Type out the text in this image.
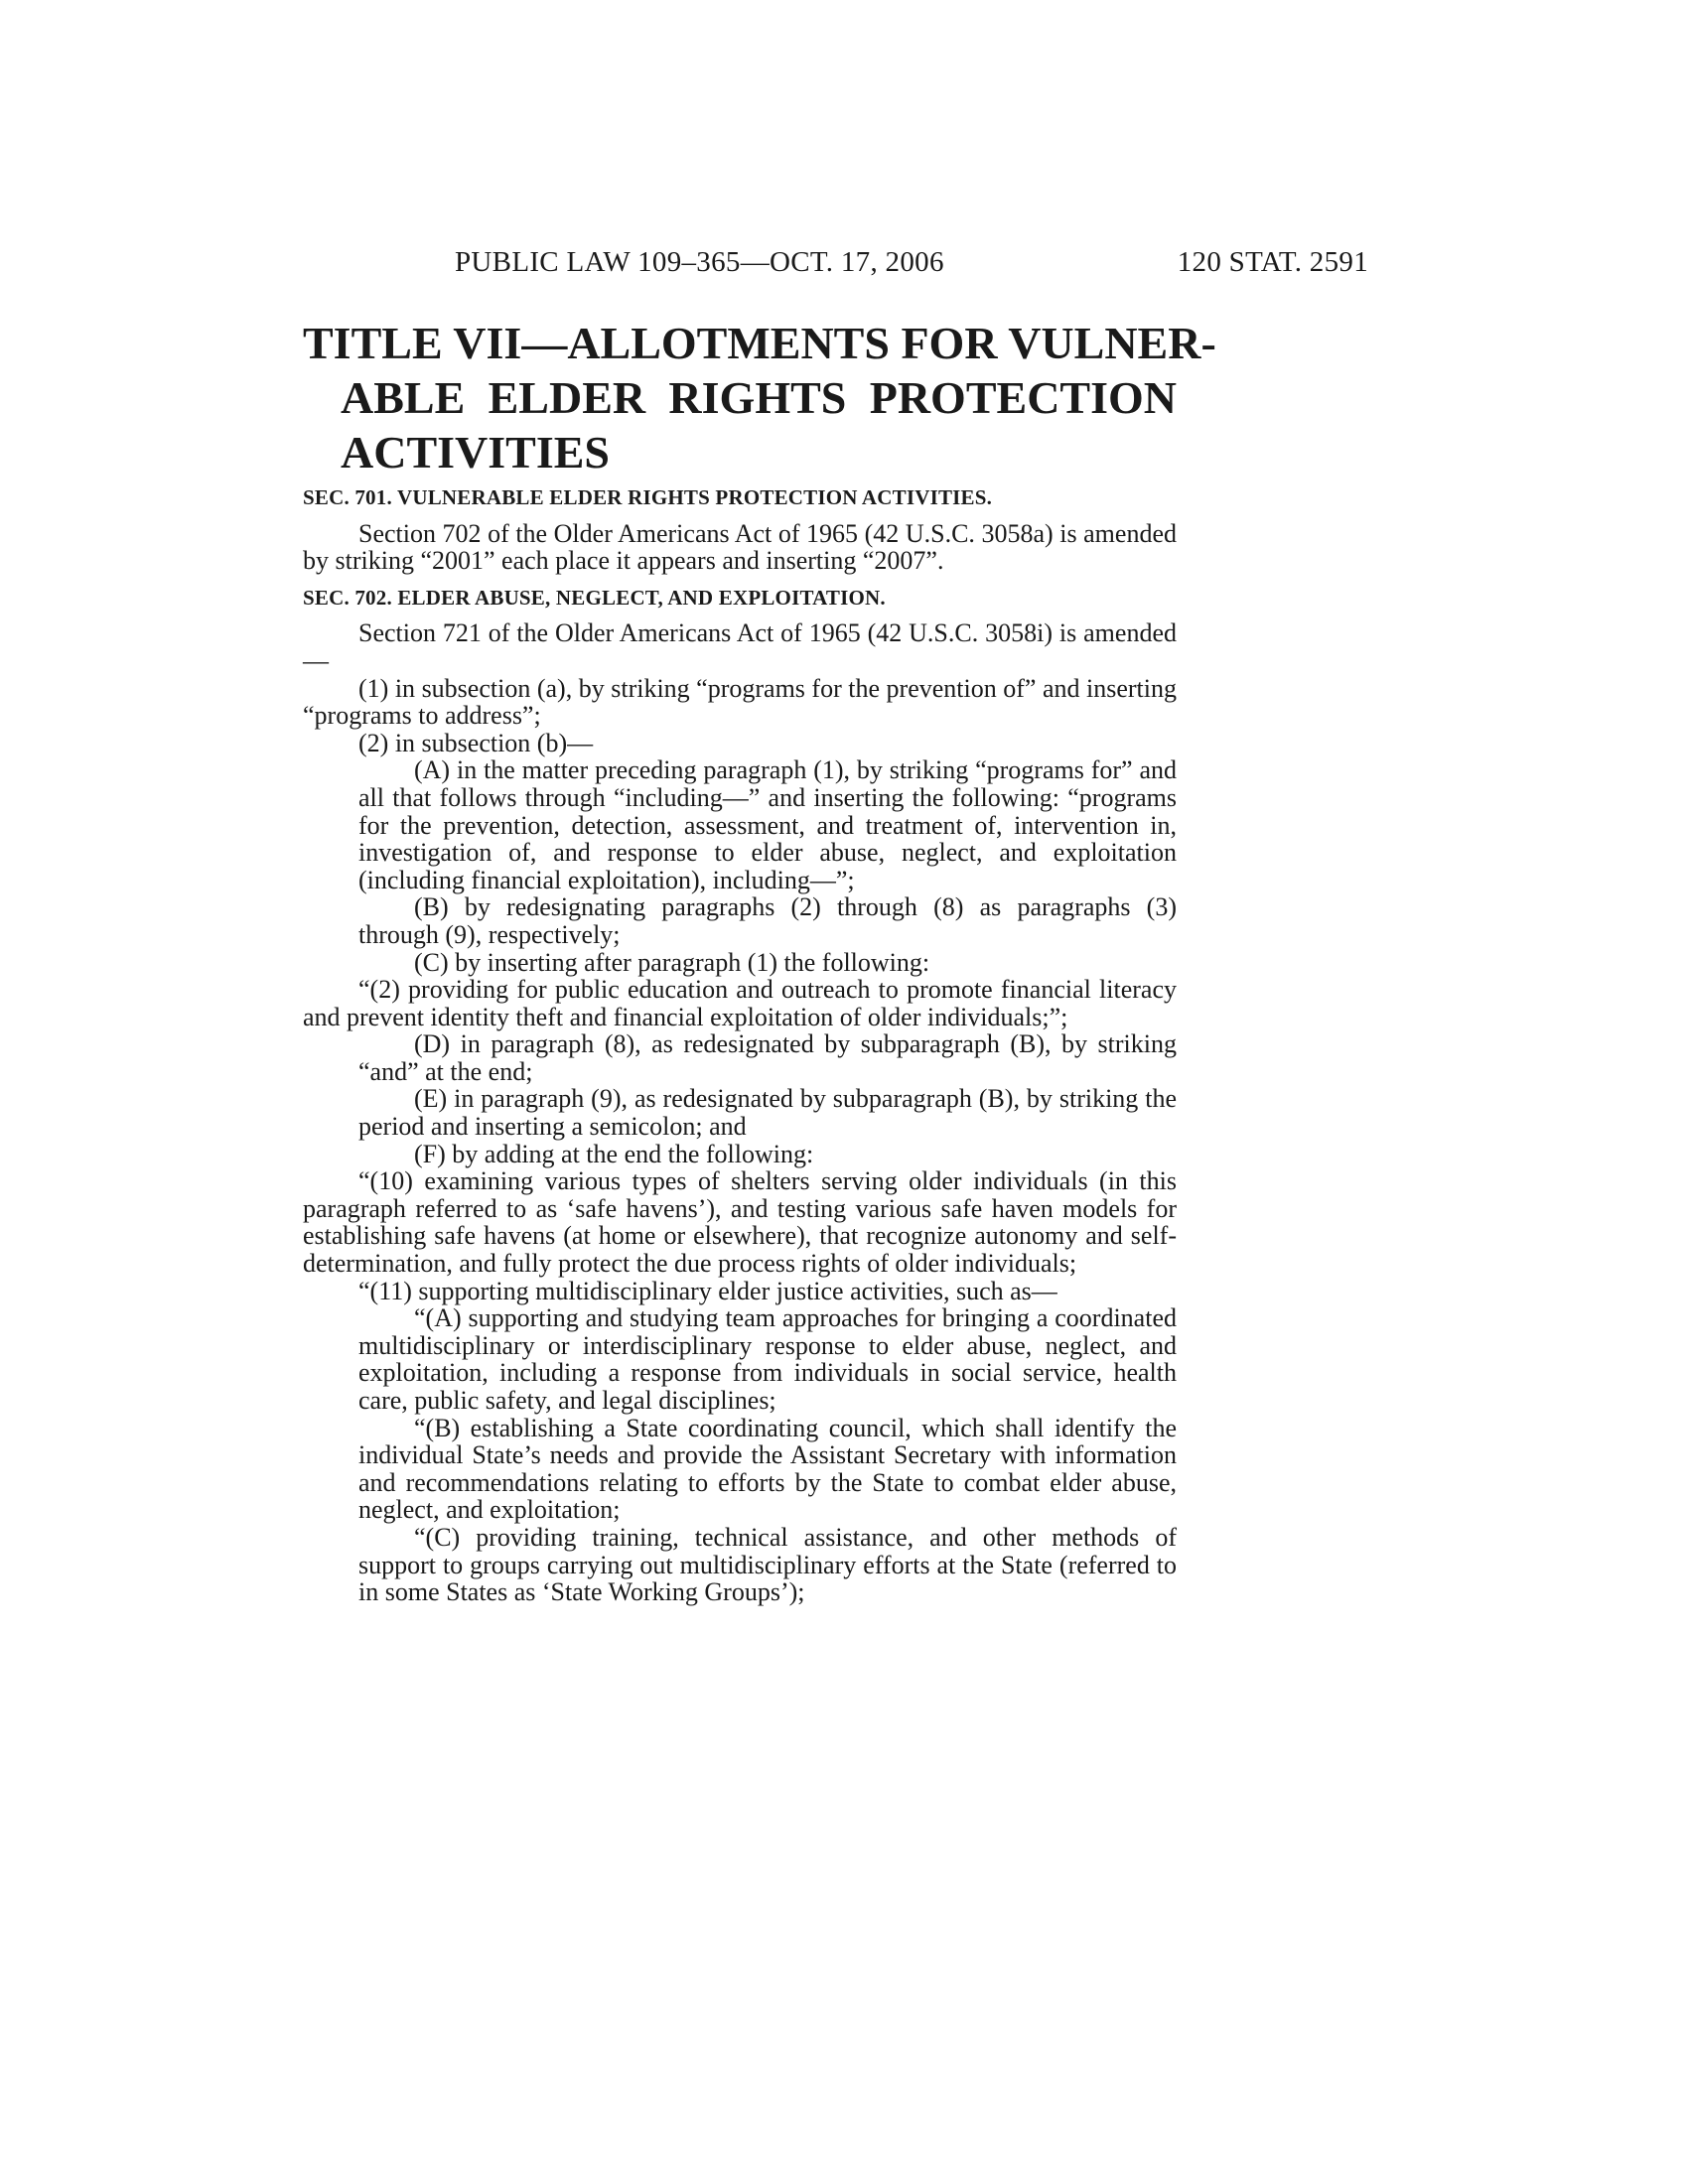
PUBLIC LAW 109–365—OCT. 17, 2006	120 STAT. 2591
TITLE VII—ALLOTMENTS FOR VULNER-
ABLE ELDER RIGHTS PROTECTION
ACTIVITIES
SEC. 701. VULNERABLE ELDER RIGHTS PROTECTION ACTIVITIES.

Section 702 of the Older Americans Act of 1965 (42 U.S.C. 3058a) is amended by striking “2001” each place it appears and inserting “2007”.

SEC. 702. ELDER ABUSE, NEGLECT, AND EXPLOITATION.

Section 721 of the Older Americans Act of 1965 (42 U.S.C. 3058i) is amended—

(1) in subsection (a), by striking “programs for the prevention of” and inserting “programs to address”;

(2) in subsection (b)—

(A) in the matter preceding paragraph (1), by striking “programs for” and all that follows through “including—” and inserting the following: “programs for the prevention, detection, assessment, and treatment of, intervention in, investigation of, and response to elder abuse, neglect, and exploitation (including financial exploitation), including—”;

(B) by redesignating paragraphs (2) through (8) as paragraphs (3) through (9), respectively;

(C) by inserting after paragraph (1) the following:

“(2) providing for public education and outreach to promote financial literacy and prevent identity theft and financial exploitation of older individuals;”;

(D) in paragraph (8), as redesignated by subparagraph (B), by striking “and” at the end;

(E) in paragraph (9), as redesignated by subparagraph (B), by striking the period and inserting a semicolon; and

(F) by adding at the end the following:

“(10) examining various types of shelters serving older individuals (in this paragraph referred to as ‘safe havens’), and testing various safe haven models for establishing safe havens (at home or elsewhere), that recognize autonomy and self-determination, and fully protect the due process rights of older individuals;

“(11) supporting multidisciplinary elder justice activities, such as—

“(A) supporting and studying team approaches for bringing a coordinated multidisciplinary or interdisciplinary response to elder abuse, neglect, and exploitation, including a response from individuals in social service, health care, public safety, and legal disciplines;

“(B) establishing a State coordinating council, which shall identify the individual State’s needs and provide the Assistant Secretary with information and recommendations relating to efforts by the State to combat elder abuse, neglect, and exploitation;

“(C) providing training, technical assistance, and other methods of support to groups carrying out multidisciplinary efforts at the State (referred to in some States as ‘State Working Groups’);
